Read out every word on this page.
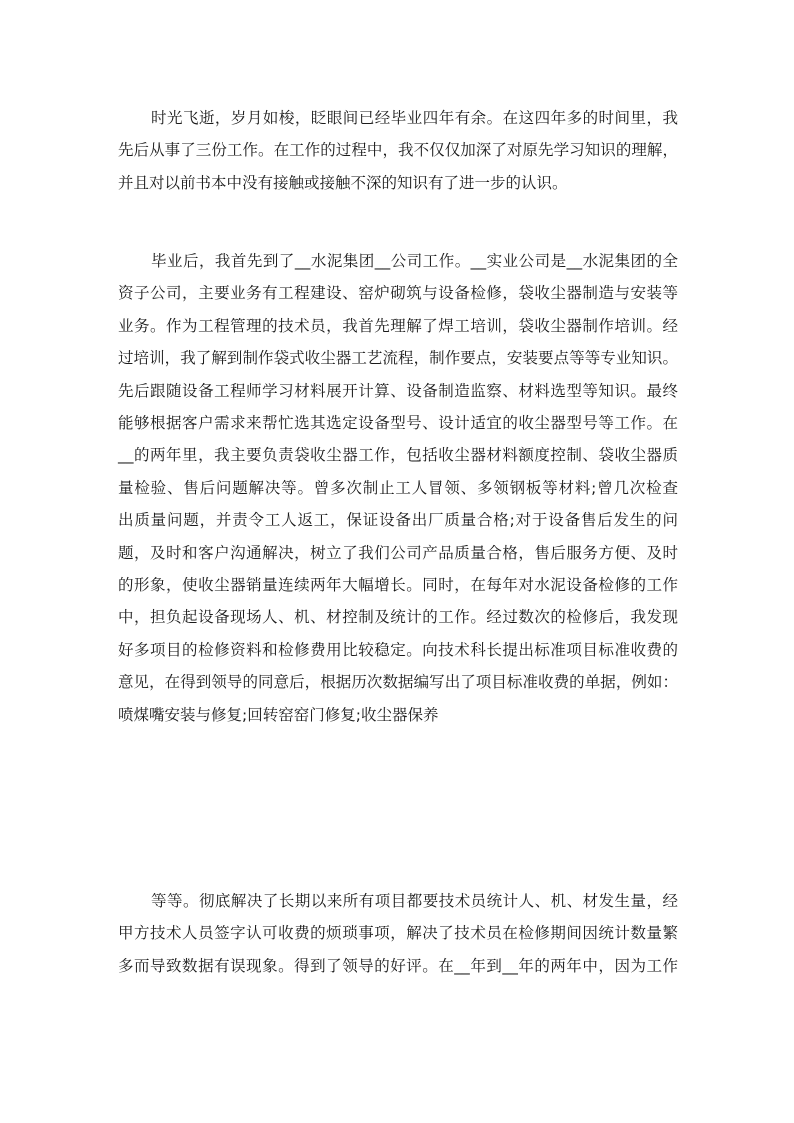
时光飞逝，岁月如梭，眨眼间已经毕业四年有余。在这四年多的时间里，我
先后从事了三份工作。在工作的过程中，我不仅仅加深了对原先学习知识的理解，
并且对以前书本中没有接触或接触不深的知识有了进一步的认识。

毕业后，我首先到了__水泥集团__公司工作。__实业公司是__水泥集团的全
资子公司，主要业务有工程建设、窑炉砌筑与设备检修，袋收尘器制造与安装等
业务。作为工程管理的技术员，我首先理解了焊工培训，袋收尘器制作培训。经
过培训，我了解到制作袋式收尘器工艺流程，制作要点，安装要点等等专业知识。
先后跟随设备工程师学习材料展开计算、设备制造监察、材料选型等知识。最终
能够根据客户需求来帮忙选其选定设备型号、设计适宜的收尘器型号等工作。在
__的两年里，我主要负责袋收尘器工作，包括收尘器材料额度控制、袋收尘器质
量检验、售后问题解决等。曾多次制止工人冒领、多领钢板等材料;曾几次检查
出质量问题，并责令工人返工，保证设备出厂质量合格;对于设备售后发生的问
题，及时和客户沟通解决，树立了我们公司产品质量合格，售后服务方便、及时
的形象，使收尘器销量连续两年大幅增长。同时，在每年对水泥设备检修的工作
中，担负起设备现场人、机、材控制及统计的工作。经过数次的检修后，我发现
好多项目的检修资料和检修费用比较稳定。向技术科长提出标准项目标准收费的
意见，在得到领导的同意后，根据历次数据编写出了项目标准收费的单据，例如：
喷煤嘴安装与修复;回转窑窑门修复;收尘器保养

等等。彻底解决了长期以来所有项目都要技术员统计人、机、材发生量，经
甲方技术人员签字认可收费的烦琐事项，解决了技术员在检修期间因统计数量繁
多而导致数据有误现象。得到了领导的好评。在__年到__年的两年中，因为工作
